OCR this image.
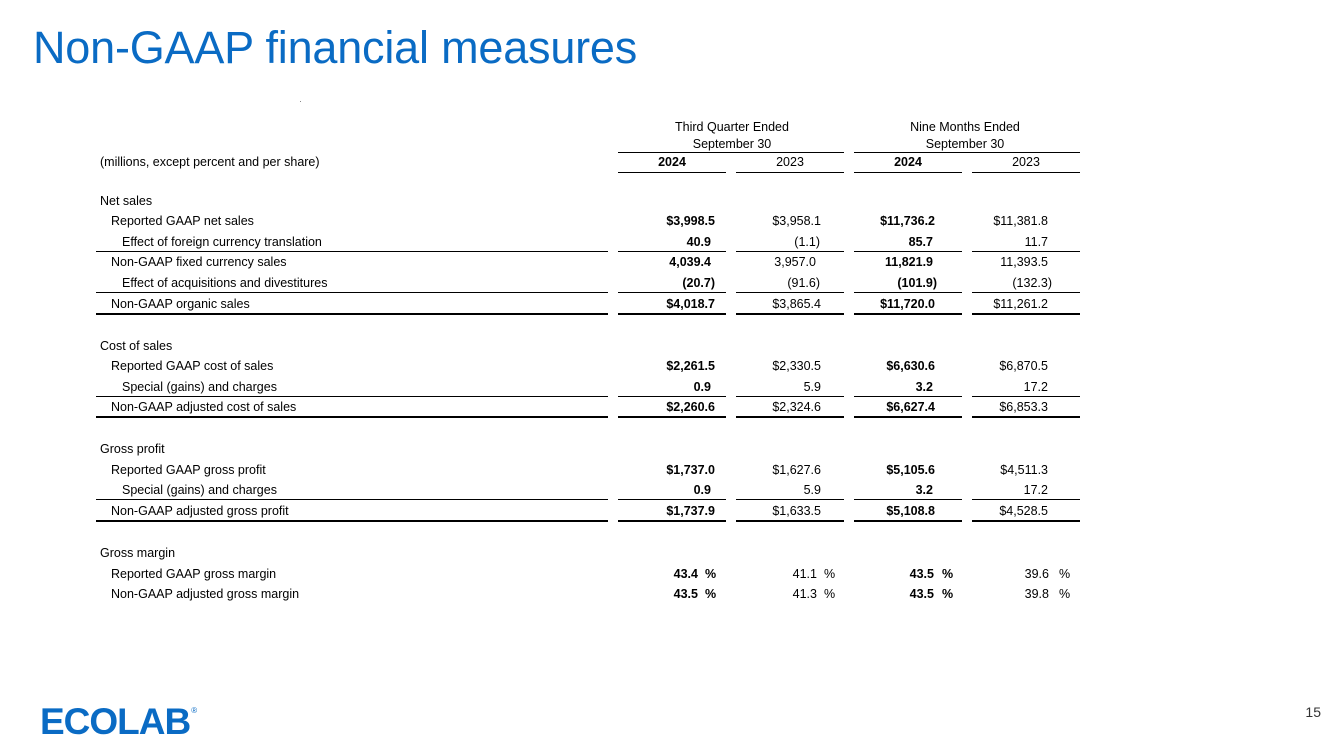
Non-GAAP financial measures
Third Quarter Ended
September 30
Nine Months Ended
September 30
(millions, except percent and per share)	2024	2023	2024	2023
Net sales
Reported GAAP net sales	$3,998.5	$3,958.1	$11,736.2	$11,381.8
Effect of foreign currency translation	40.9	(1.1)	85.7	11.7
Non-GAAP fixed currency sales	4,039.4	3,957.0	11,821.9	11,393.5
Effect of acquisitions and divestitures	(20.7)	(91.6)	(101.9)	(132.3)
Non-GAAP organic sales	$4,018.7	$3,865.4	$11,720.0	$11,261.2
Cost of sales
Reported GAAP cost of sales	$2,261.5	$2,330.5	$6,630.6	$6,870.5
Special (gains) and charges	0.9	5.9	3.2	17.2
Non-GAAP adjusted cost of sales	$2,260.6	$2,324.6	$6,627.4	$6,853.3
Gross profit
Reported GAAP gross profit	$1,737.0	$1,627.6	$5,105.6	$4,511.3
Special (gains) and charges	0.9	5.9	3.2	17.2
Non-GAAP adjusted gross profit	$1,737.9	$1,633.5	$5,108.8	$4,528.5
Gross margin
Reported GAAP gross margin	43.4 %	41.1 %	43.5 %	39.6 %
Non-GAAP adjusted gross margin	43.5 %	41.3 %	43.5 %	39.8 %
ECOLAB ®	15
